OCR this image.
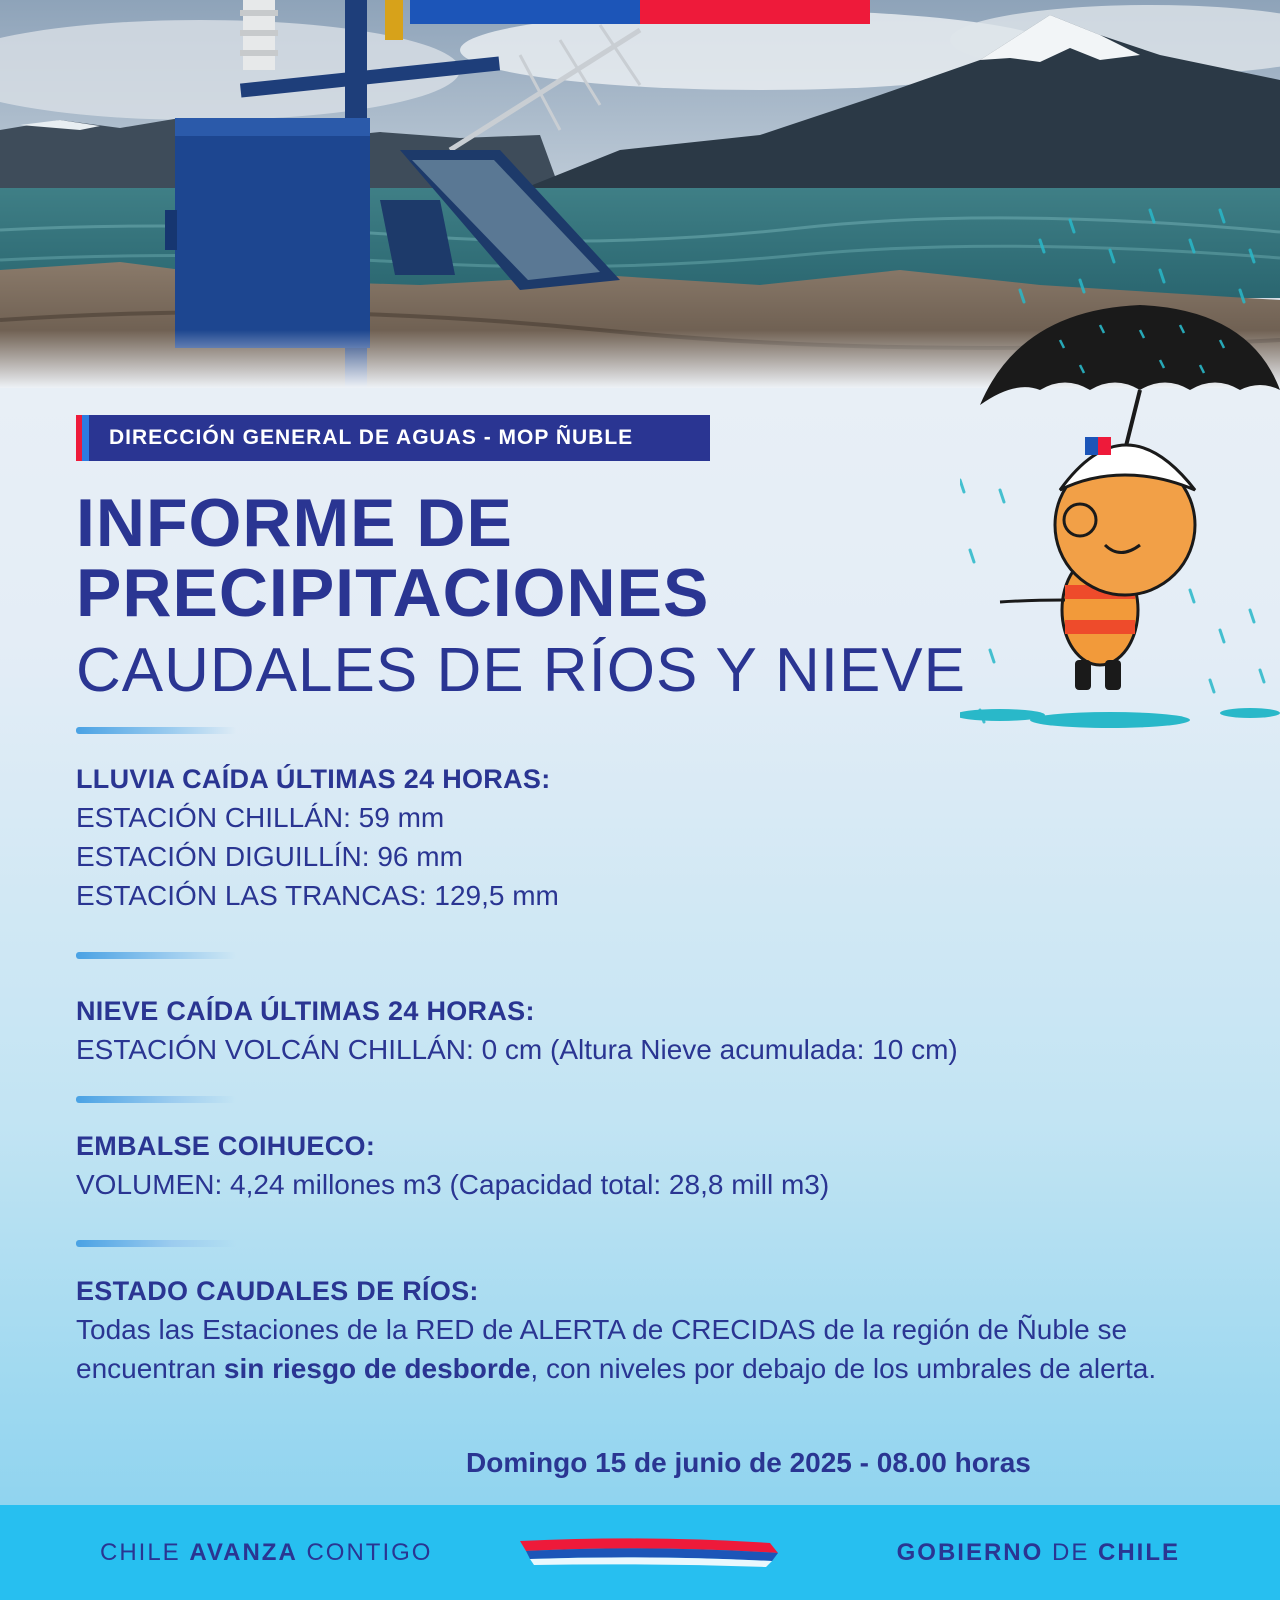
DIRECCIÓN GENERAL DE AGUAS - MOP ÑUBLE
INFORME DE
PRECIPITACIONES
CAUDALES DE RÍOS Y NIEVE
LLUVIA CAÍDA ÚLTIMAS 24 HORAS:

ESTACIÓN CHILLÁN: 59 mm

ESTACIÓN DIGUILLÍN: 96 mm

ESTACIÓN LAS TRANCAS: 129,5 mm

NIEVE CAÍDA ÚLTIMAS 24 HORAS:

ESTACIÓN VOLCÁN CHILLÁN: 0 cm (Altura Nieve acumulada: 10 cm)

EMBALSE COIHUECO:

VOLUMEN: 4,24 millones m3 (Capacidad total: 28,8 mill m3)

ESTADO CAUDALES DE RÍOS:

Todas las Estaciones de la RED de ALERTA de CRECIDAS de la región de Ñuble se encuentran sin riesgo de desborde, con niveles por debajo de los umbrales de alerta.

Domingo 15 de junio de 2025 - 08.00 horas
CHILE AVANZA CONTIGO	GOBIERNO DE CHILE
